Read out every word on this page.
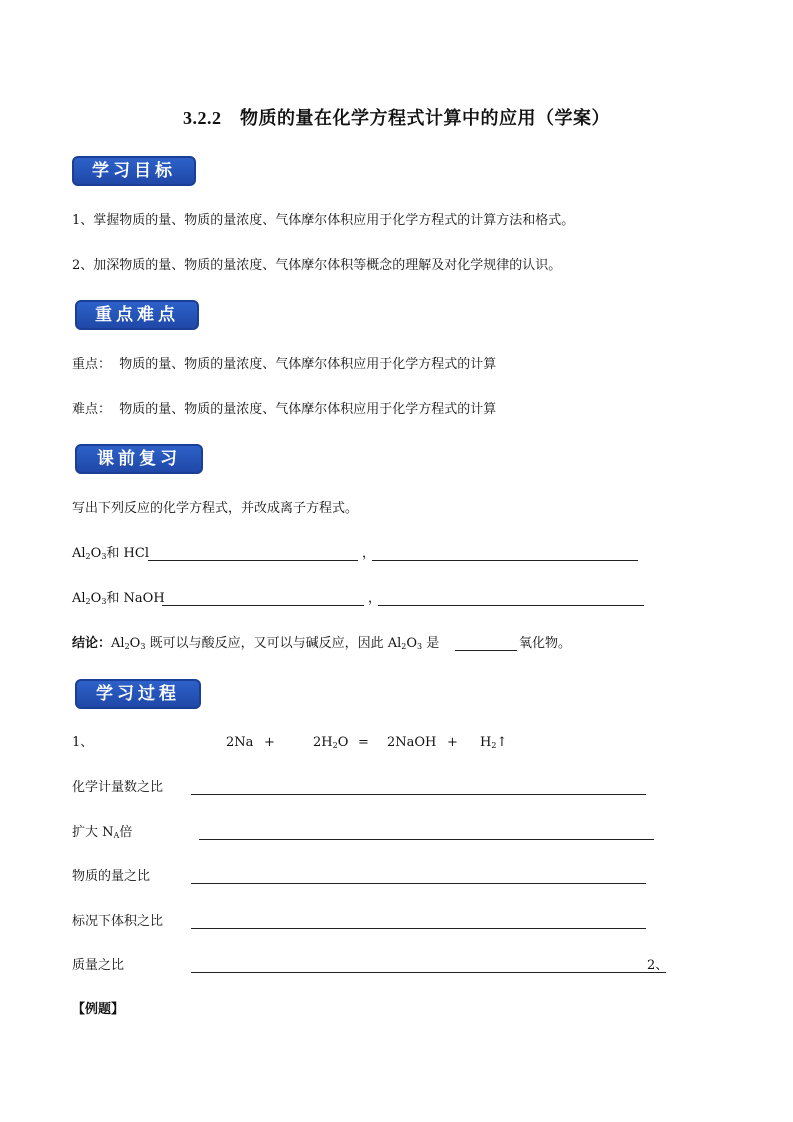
3.2.2　物质的量在化学方程式计算中的应用（学案）
学习目标
1、掌握物质的量、物质的量浓度、气体摩尔体积应用于化学方程式的计算方法和格式。
2、加深物质的量、物质的量浓度、气体摩尔体积等概念的理解及对化学规律的认识。
重点难点
重点： 物质的量、物质的量浓度、气体摩尔体积应用于化学方程式的计算
难点： 物质的量、物质的量浓度、气体摩尔体积应用于化学方程式的计算
课前复习
写出下列反应的化学方程式，并改成离子方程式。
$Al_2O_3$和 HCl	，
$Al_2O_3$和 NaOH	，
结论：$Al_2O_3$ 既可以与酸反应，又可以与碱反应，因此 $Al_2O_3$ 是	氧化物。
学习过程
1、	2Na +	$2H_2O$ = 2NaOH + $H_2↑$
化学计量数之比
扩大 $N_A$倍
物质的量之比
标况下体积之比
质量之比	2、
【例题】
